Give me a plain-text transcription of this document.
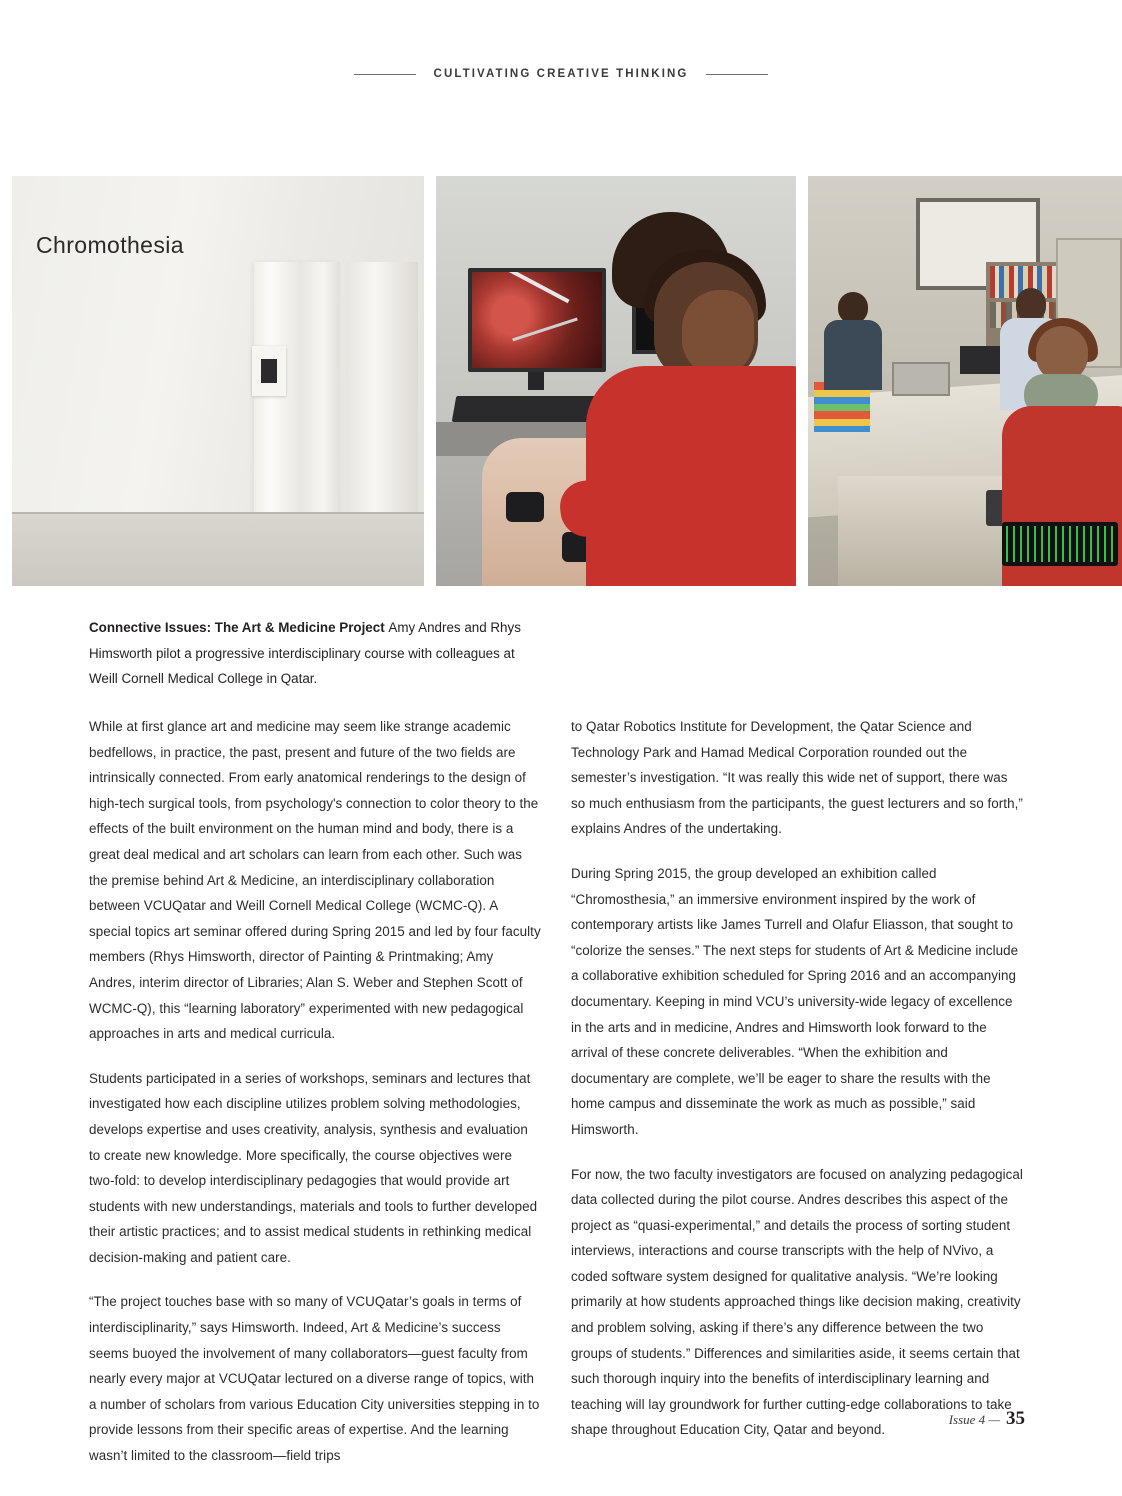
CULTIVATING CREATIVE THINKING
Chromothesia

Connective Issues: The Art & Medicine Project Amy Andres and Rhys Himsworth pilot a progressive interdisciplinary course with colleagues at Weill Cornell Medical College in Qatar.

While at first glance art and medicine may seem like strange academic bedfellows, in practice, the past, present and future of the two fields are intrinsically connected. From early anatomical renderings to the design of high-tech surgical tools, from psychology's connection to color theory to the effects of the built environment on the human mind and body, there is a great deal medical and art scholars can learn from each other. Such was the premise behind Art & Medicine, an interdisciplinary collaboration between VCUQatar and Weill Cornell Medical College (WCMC-Q). A special topics art seminar offered during Spring 2015 and led by four faculty members (Rhys Himsworth, director of Painting & Printmaking; Amy Andres, interim director of Libraries; Alan S. Weber and Stephen Scott of WCMC-Q), this “learning laboratory” experimented with new pedagogical approaches in arts and medical curricula.

Students participated in a series of workshops, seminars and lectures that investigated how each discipline utilizes problem solving methodologies, develops expertise and uses creativity, analysis, synthesis and evaluation to create new knowledge. More specifically, the course objectives were two-fold: to develop interdisciplinary pedagogies that would provide art students with new understandings, materials and tools to further developed their artistic practices; and to assist medical students in rethinking medical decision-making and patient care.

“The project touches base with so many of VCUQatar’s goals in terms of interdisciplinarity,” says Himsworth. Indeed, Art & Medicine’s success seems buoyed the involvement of many collaborators—guest faculty from nearly every major at VCUQatar lectured on a diverse range of topics, with a number of scholars from various Education City universities stepping in to provide lessons from their specific areas of expertise. And the learning wasn’t limited to the classroom—field trips

to Qatar Robotics Institute for Development, the Qatar Science and Technology Park and Hamad Medical Corporation rounded out the semester’s investigation. “It was really this wide net of support, there was so much enthusiasm from the participants, the guest lecturers and so forth,” explains Andres of the undertaking.

During Spring 2015, the group developed an exhibition called “Chromosthesia,” an immersive environment inspired by the work of contemporary artists like James Turrell and Olafur Eliasson, that sought to “colorize the senses.” The next steps for students of Art & Medicine include a collaborative exhibition scheduled for Spring 2016 and an accompanying documentary. Keeping in mind VCU’s university-wide legacy of excellence in the arts and in medicine, Andres and Himsworth look forward to the arrival of these concrete deliverables. “When the exhibition and documentary are complete, we’ll be eager to share the results with the home campus and disseminate the work as much as possible,” said Himsworth.

For now, the two faculty investigators are focused on analyzing pedagogical data collected during the pilot course. Andres describes this aspect of the project as “quasi-experimental,” and details the process of sorting student interviews, interactions and course transcripts with the help of NVivo, a coded software system designed for qualitative analysis. “We’re looking primarily at how students approached things like decision making, creativity and problem solving, asking if there’s any difference between the two groups of students.” Differences and similarities aside, it seems certain that such thorough inquiry into the benefits of interdisciplinary learning and teaching will lay groundwork for further cutting-edge collaborations to take shape throughout Education City, Qatar and beyond.

Issue 4 — 35
